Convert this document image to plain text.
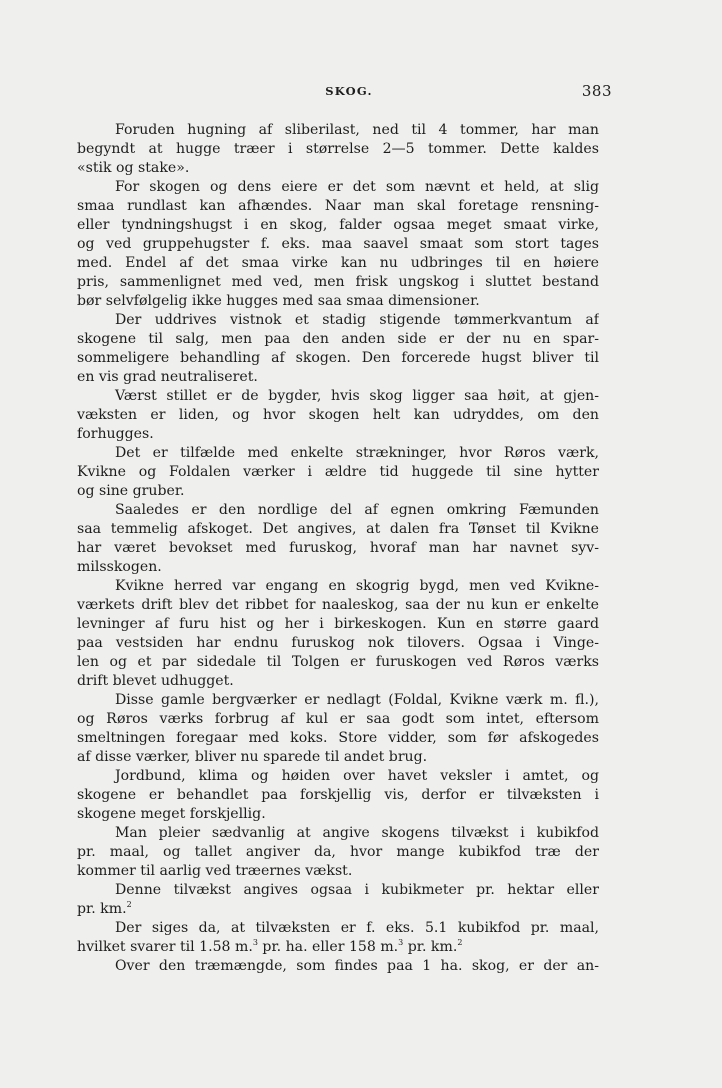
SKOG.	383
Foruden hugning af sliberilast, ned til 4 tommer, har man
begyndt at hugge træer i størrelse 2—5 tommer. Dette kaldes
«stik og stake».
For skogen og dens eiere er det som nævnt et held, at slig
smaa rundlast kan afhændes. Naar man skal foretage rensning-
eller tyndningshugst i en skog, falder ogsaa meget smaat virke,
og ved gruppehugster f. eks. maa saavel smaat som stort tages
med. Endel af det smaa virke kan nu udbringes til en høiere
pris, sammenlignet med ved, men frisk ungskog i sluttet bestand
bør selvfølgelig ikke hugges med saa smaa dimensioner.
Der uddrives vistnok et stadig stigende tømmerkvantum af
skogene til salg, men paa den anden side er der nu en spar-
sommeligere behandling af skogen. Den forcerede hugst bliver til
en vis grad neutraliseret.
Værst stillet er de bygder, hvis skog ligger saa høit, at gjen-
væksten er liden, og hvor skogen helt kan udryddes, om den
forhugges.
Det er tilfælde med enkelte strækninger, hvor Røros værk,
Kvikne og Foldalen værker i ældre tid huggede til sine hytter
og sine gruber.
Saaledes er den nordlige del af egnen omkring Fæmunden
saa temmelig afskoget. Det angives, at dalen fra Tønset til Kvikne
har været bevokset med furuskog, hvoraf man har navnet syv-
milsskogen.
Kvikne herred var engang en skogrig bygd, men ved Kvikne-
værkets drift blev det ribbet for naaleskog, saa der nu kun er enkelte
levninger af furu hist og her i birkeskogen. Kun en større gaard
paa vestsiden har endnu furuskog nok tilovers. Ogsaa i Vinge-
len og et par sidedale til Tolgen er furuskogen ved Røros værks
drift blevet udhugget.
Disse gamle bergværker er nedlagt (Foldal, Kvikne værk m. fl.),
og Røros værks forbrug af kul er saa godt som intet, eftersom
smeltningen foregaar med koks. Store vidder, som før afskogedes
af disse værker, bliver nu sparede til andet brug.
Jordbund, klima og høiden over havet veksler i amtet, og
skogene er behandlet paa forskjellig vis, derfor er tilvæksten i
skogene meget forskjellig.
Man pleier sædvanlig at angive skogens tilvækst i kubikfod
pr. maal, og tallet angiver da, hvor mange kubikfod træ der
kommer til aarlig ved træernes vækst.
Denne tilvækst angives ogsaa i kubikmeter pr. hektar eller
pr. km.$^2$
Der siges da, at tilvæksten er f. eks. 5.1 kubikfod pr. maal,
hvilket svarer til 1.58 m.$^3$ pr. ha. eller 158 m.$^3$ pr. km.$^2$
Over den træmængde, som findes paa 1 ha. skog, er der an-
